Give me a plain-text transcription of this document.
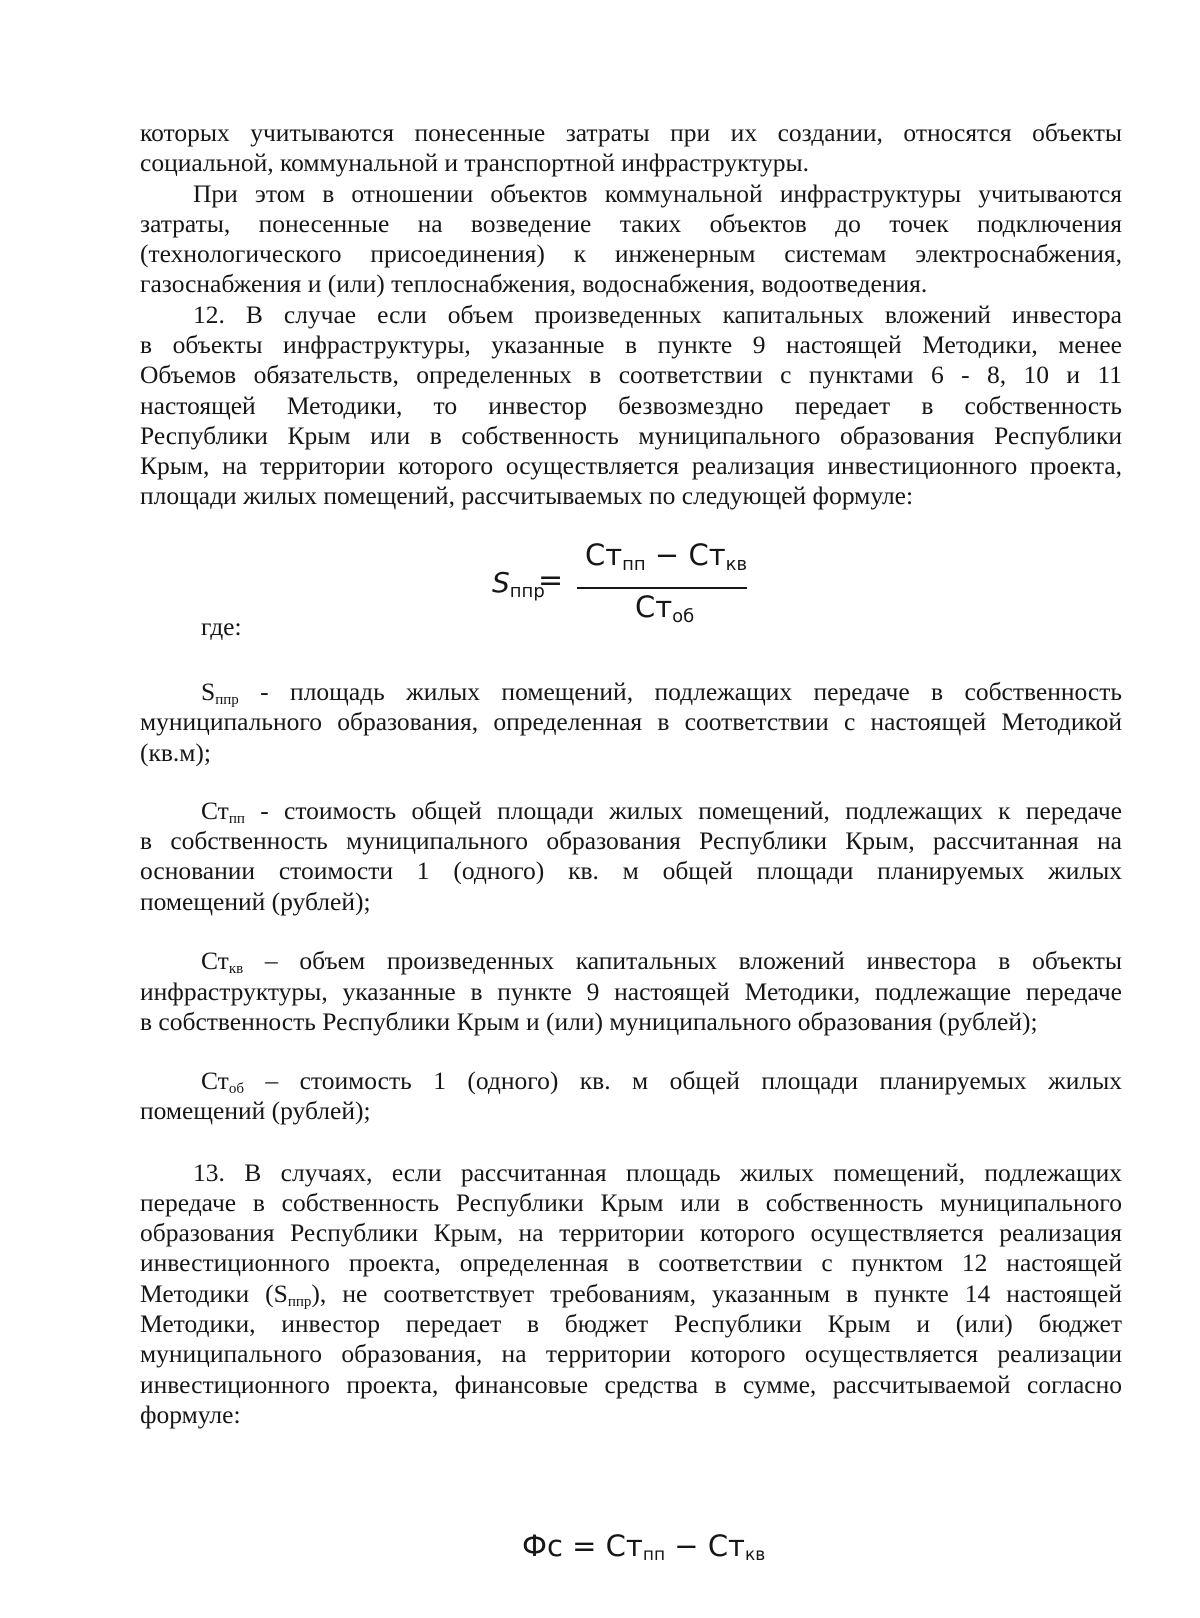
которых учитываются понесенные затраты при их создании, относятся объекты
социальной, коммунальной и транспортной инфраструктуры.
При этом в отношении объектов коммунальной инфраструктуры учитываются
затраты, понесенные на возведение таких объектов до точек подключения
(технологического присоединения) к инженерным системам электроснабжения,
газоснабжения и (или) теплоснабжения, водоснабжения, водоотведения.
12. В случае если объем произведенных капитальных вложений инвестора
в объекты инфраструктуры, указанные в пункте 9 настоящей Методики, менее
Объемов обязательств, определенных в соответствии с пунктами 6 - 8, 10 и 11
настоящей Методики, то инвестор безвозмездно передает в собственность
Республики Крым или в собственность муниципального образования Республики
Крым, на территории которого осуществляется реализация инвестиционного проекта,
площади жилых помещений, рассчитываемых по следующей формуле:
где:
Sппр - площадь жилых помещений, подлежащих передаче в собственность
муниципального образования, определенная в соответствии с настоящей Методикой
(кв.м);
Стпп - стоимость общей площади жилых помещений, подлежащих к передаче
в собственность муниципального образования Республики Крым, рассчитанная на
основании стоимости 1 (одного) кв. м общей площади планируемых жилых
помещений (рублей);
Сткв – объем произведенных капитальных вложений инвестора в объекты
инфраструктуры, указанные в пункте 9 настоящей Методики, подлежащие передаче
в собственность Республики Крым и (или) муниципального образования (рублей);
Стоб – стоимость 1 (одного) кв. м общей площади планируемых жилых
помещений (рублей);
13. В случаях, если рассчитанная площадь жилых помещений, подлежащих
передаче в собственность Республики Крым или в собственность муниципального
образования Республики Крым, на территории которого осуществляется реализация
инвестиционного проекта, определенная в соответствии с пунктом 12 настоящей
Методики (Sппр), не соответствует требованиям, указанным в пункте 14 настоящей
Методики, инвестор передает в бюджет Республики Крым и (или) бюджет
муниципального образования, на территории которого осуществляется реализации
инвестиционного проекта, финансовые средства в сумме, рассчитываемой согласно
формуле:
Sппр
=
Стпп − Сткв
Стоб
Фс = Стпп − Сткв
